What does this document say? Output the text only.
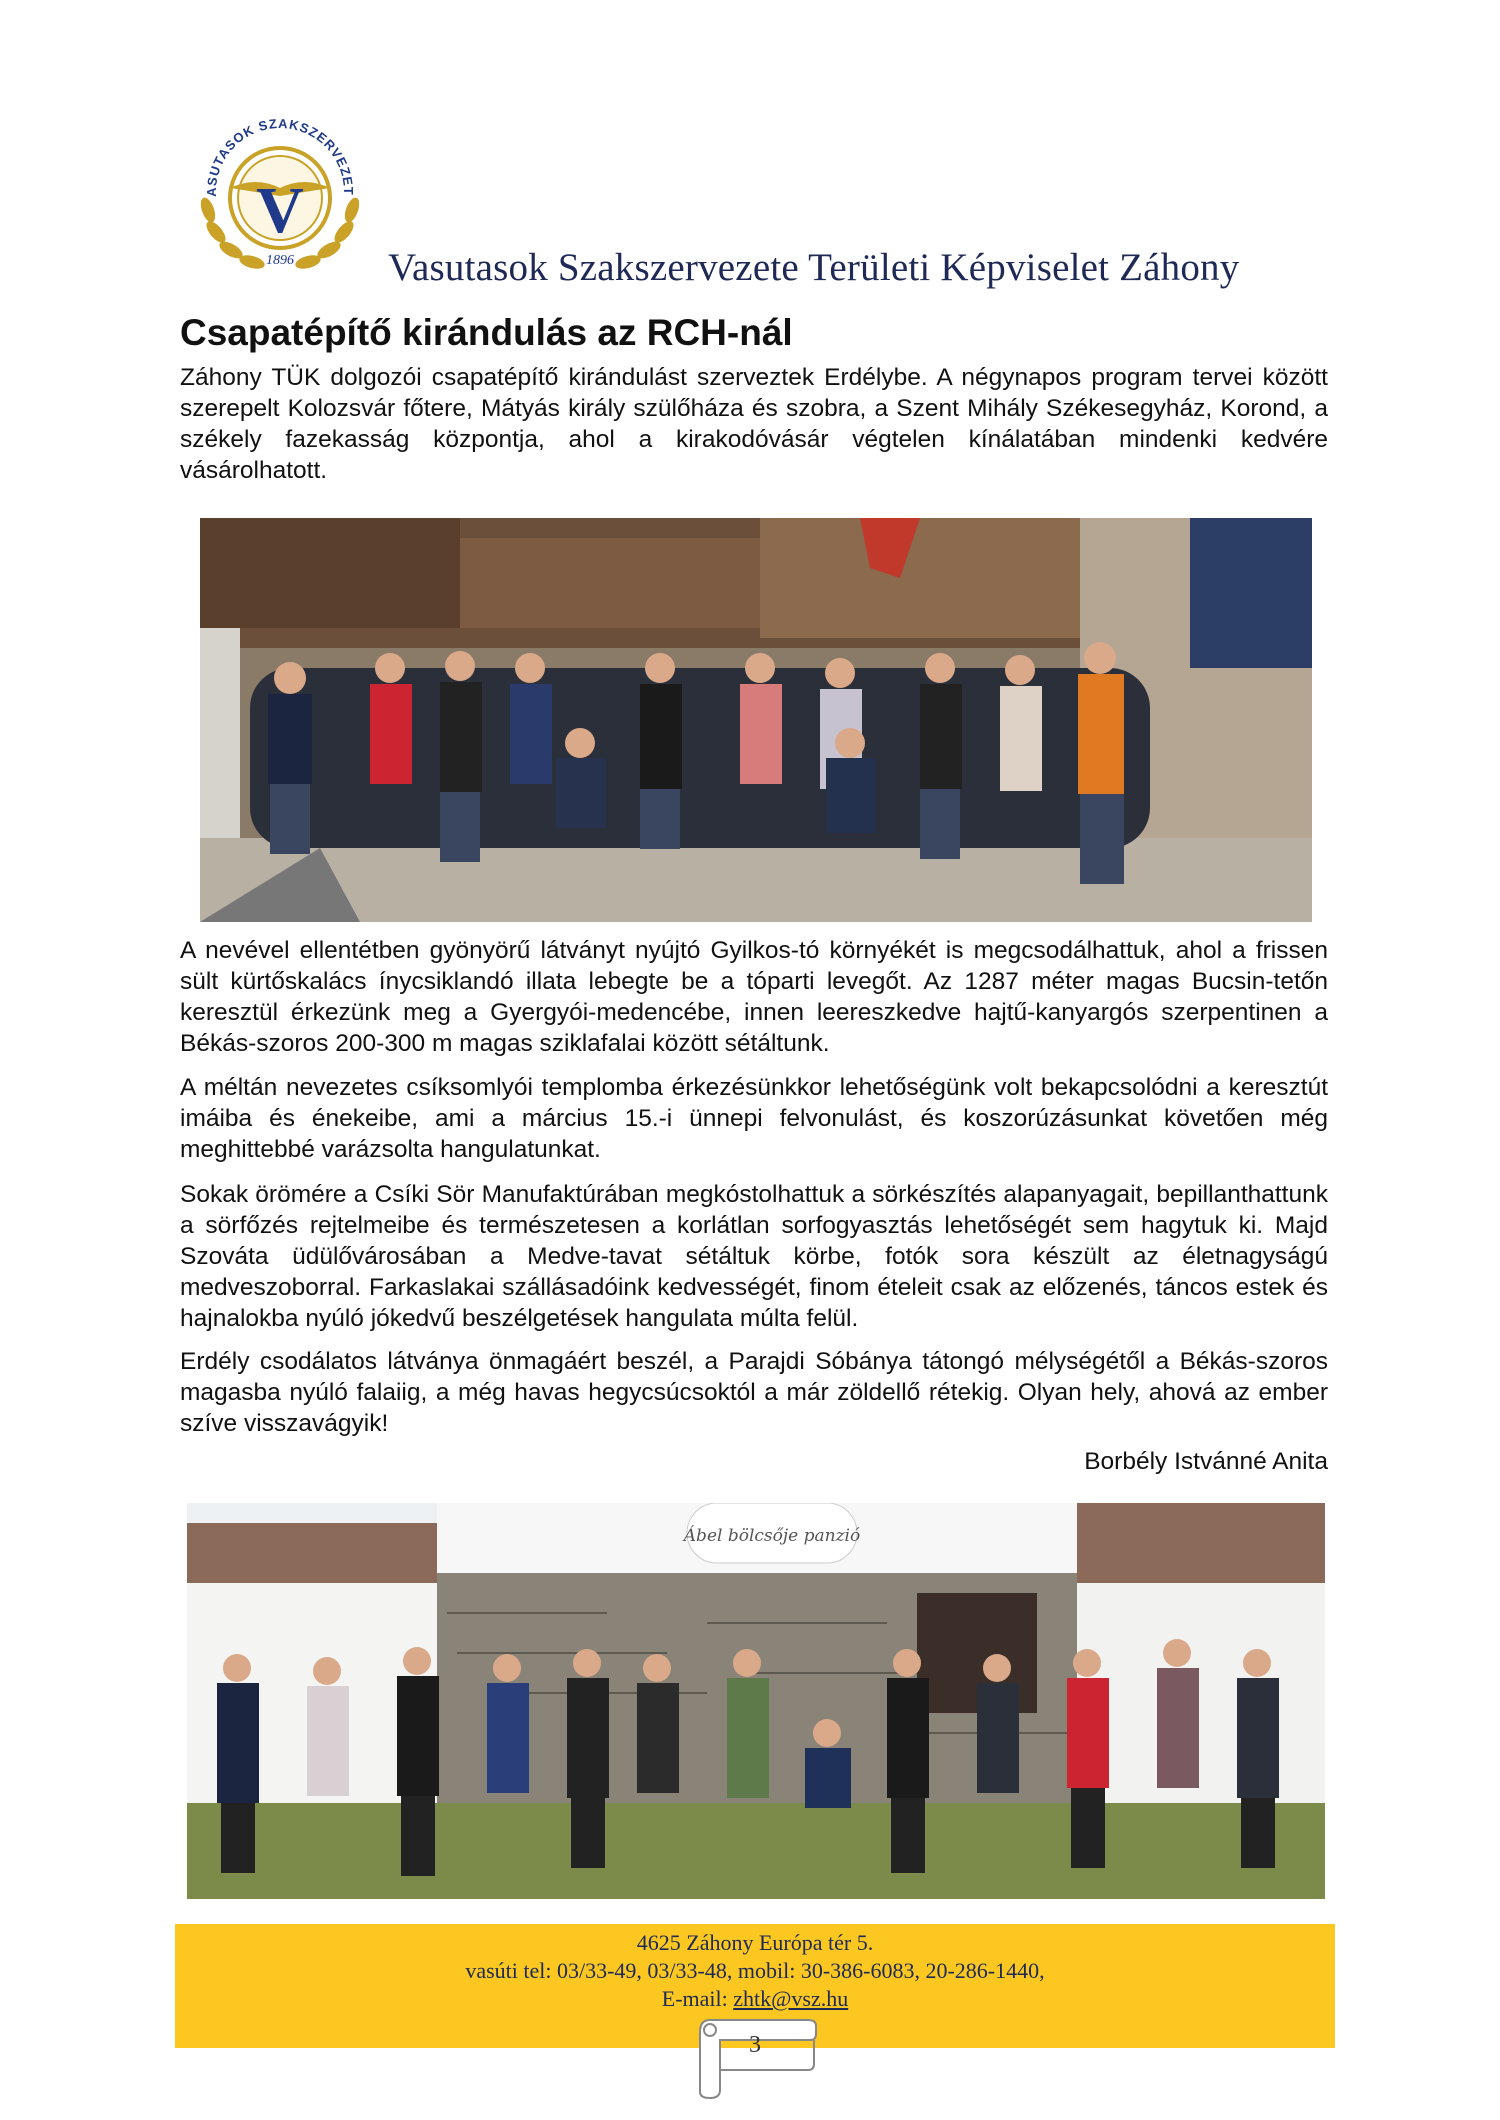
V
ASUTASOK SZAKSZERVEZET
1896 Vasutasok Szakszervezete Területi Képviselet Záhony
Csapatépítő kirándulás az RCH-nál

Záhony TÜK dolgozói csapatépítő kirándulást szerveztek Erdélybe. A négynapos program tervei között szerepelt Kolozsvár főtere, Mátyás király szülőháza és szobra, a Szent Mihály Székesegyház, Korond, a székely fazekasság központja, ahol a kirakodóvásár végtelen kínálatában mindenki kedvére vásárolhatott.

A nevével ellentétben gyönyörű látványt nyújtó Gyilkos-tó környékét is megcsodálhattuk, ahol a frissen sült kürtőskalács ínycsiklandó illata lebegte be a tóparti levegőt. Az 1287 méter magas Bucsin-tetőn keresztül érkezünk meg a Gyergyói-medencébe, innen leereszkedve hajtű-kanyargós szerpentinen a Békás-szoros 200-300 m magas sziklafalai között sétáltunk.

A méltán nevezetes csíksomlyói templomba érkezésünkkor lehetőségünk volt bekapcsolódni a keresztút imáiba és énekeibe, ami a március 15.-i ünnepi felvonulást, és koszorúzásunkat követően még meghittebbé varázsolta hangulatunkat.

Sokak örömére a Csíki Sör Manufaktúrában megkóstolhattuk a sörkészítés alapanyagait, bepillanthattunk a sörfőzés rejtelmeibe és természetesen a korlátlan sorfogyasztás lehetőségét sem hagytuk ki. Majd Szováta üdülővárosában a Medve-tavat sétáltuk körbe, fotók sora készült az életnagyságú medveszoborral. Farkaslakai szállásadóink kedvességét, finom ételeit csak az előzenés, táncos estek és hajnalokba nyúló jókedvű beszélgetések hangulata múlta felül.

Erdély csodálatos látványa önmagáért beszél, a Parajdi Sóbánya tátongó mélységétől a Békás-szoros magasba nyúló falaiig, a még havas hegycsúcsoktól a már zöldellő rétekig. Olyan hely, ahová az ember szíve visszavágyik!

Borbély Istvánné Anita

Ábel bölcsője panzió
4625 Záhony Európa tér 5.
vasúti tel: 03/33-49, 03/33-48, mobil: 30-386-6083, 20-286-1440,
E-mail: zhtk@vsz.hu
3
